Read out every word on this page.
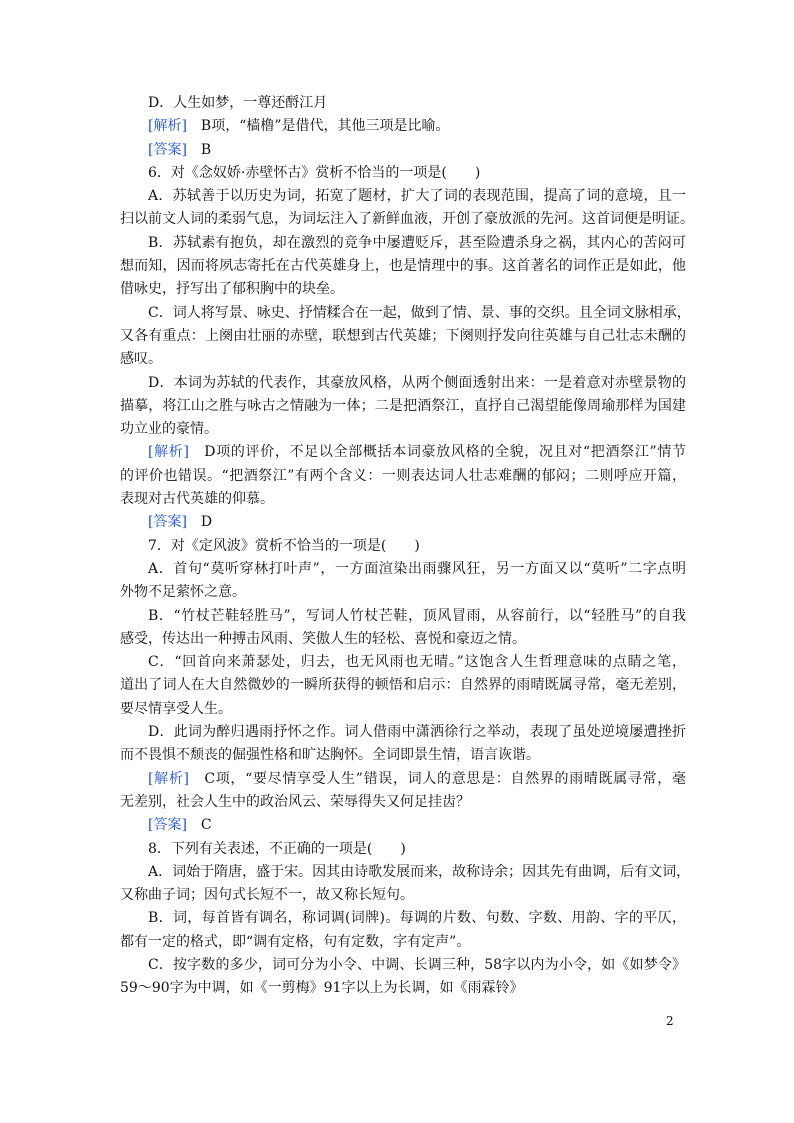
D．人生如梦，一尊还酹江月
[解析]　B项，“樯橹”是借代，其他三项是比喻。
[答案]　B
6．对《念奴娇·赤壁怀古》赏析不恰当的一项是(　　)
A．苏轼善于以历史为词，拓宽了题材，扩大了词的表现范围，提高了词的意境，且一
扫以前文人词的柔弱气息，为词坛注入了新鲜血液，开创了豪放派的先河。这首词便是明证。
B．苏轼素有抱负，却在激烈的竞争中屡遭贬斥，甚至险遭杀身之祸，其内心的苦闷可
想而知，因而将夙志寄托在古代英雄身上，也是情理中的事。这首著名的词作正是如此，他
借咏史，抒写出了郁积胸中的块垒。
C．词人将写景、咏史、抒情糅合在一起，做到了情、景、事的交织。且全词文脉相承，
又各有重点：上阕由壮丽的赤壁，联想到古代英雄；下阕则抒发向往英雄与自己壮志未酬的
感叹。
D．本词为苏轼的代表作，其豪放风格，从两个侧面透射出来：一是着意对赤壁景物的
描摹，将江山之胜与咏古之情融为一体；二是把酒祭江，直抒自己渴望能像周瑜那样为国建
功立业的豪情。
[解析]　D项的评价，不足以全部概括本词豪放风格的全貌，况且对“把酒祭江”情节
的评价也错误。“把酒祭江”有两个含义：一则表达词人壮志难酬的郁闷；二则呼应开篇，
表现对古代英雄的仰慕。
[答案]　D
7．对《定风波》赏析不恰当的一项是(　　)
A．首句“莫听穿林打叶声”，一方面渲染出雨骤风狂，另一方面又以“莫听”二字点明
外物不足萦怀之意。
B．“竹杖芒鞋轻胜马”，写词人竹杖芒鞋，顶风冒雨，从容前行，以“轻胜马”的自我
感受，传达出一种搏击风雨、笑傲人生的轻松、喜悦和豪迈之情。
C．“回首向来萧瑟处，归去，也无风雨也无晴。”这饱含人生哲理意味的点睛之笔，
道出了词人在大自然微妙的一瞬所获得的顿悟和启示：自然界的雨晴既属寻常，毫无差别，
要尽情享受人生。
D．此词为醉归遇雨抒怀之作。词人借雨中潇洒徐行之举动，表现了虽处逆境屡遭挫折
而不畏惧不颓丧的倔强性格和旷达胸怀。全词即景生情，语言诙谐。
[解析]　C项，“要尽情享受人生”错误，词人的意思是：自然界的雨晴既属寻常，毫
无差别，社会人生中的政治风云、荣辱得失又何足挂齿？
[答案]　C
8．下列有关表述，不正确的一项是(　　)
A．词始于隋唐，盛于宋。因其由诗歌发展而来，故称诗余；因其先有曲调，后有文词，
又称曲子词；因句式长短不一，故又称长短句。
B．词，每首皆有调名，称词调(词牌)。每调的片数、句数、字数、用韵、字的平仄，
都有一定的格式，即“调有定格，句有定数，字有定声”。
C．按字数的多少，词可分为小令、中调、长调三种，58字以内为小令，如《如梦令》
59～90字为中调，如《一剪梅》91字以上为长调，如《雨霖铃》
2
